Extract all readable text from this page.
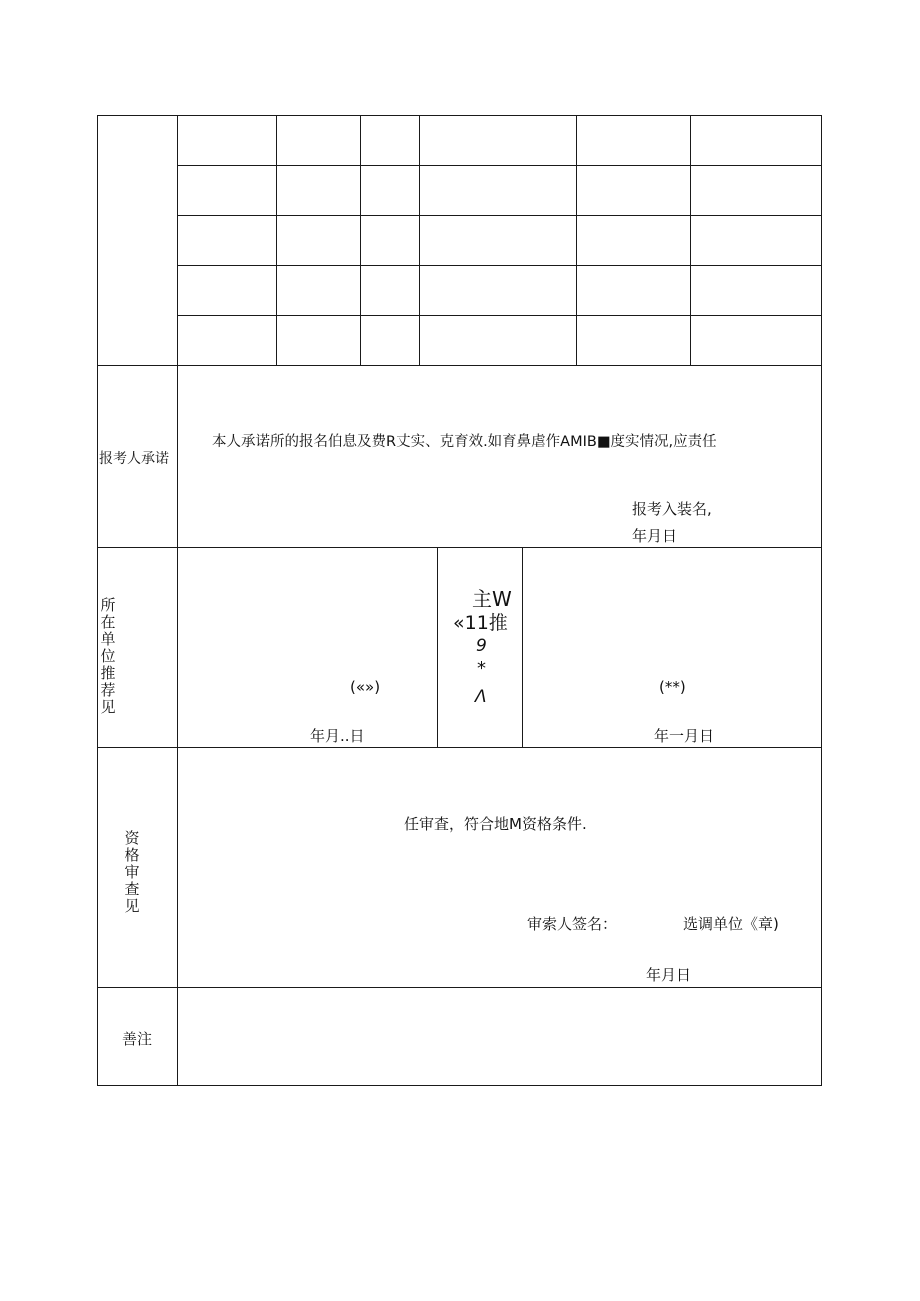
报考人承诺
本人承诺所的报名伯息及费R丈实、克育效.如育鼻虐作AMIB■度实情况,应责任
报考入装名,
年月日
所
在
单
位
推
荐
见
(«»)
年月..日
主W
«11推
9
*
Λ	(**)
年一月日
资
格
审
查
见
任审査，符合地M资格条件.
审索人签名：	选调单位《章)
年月日
善注
